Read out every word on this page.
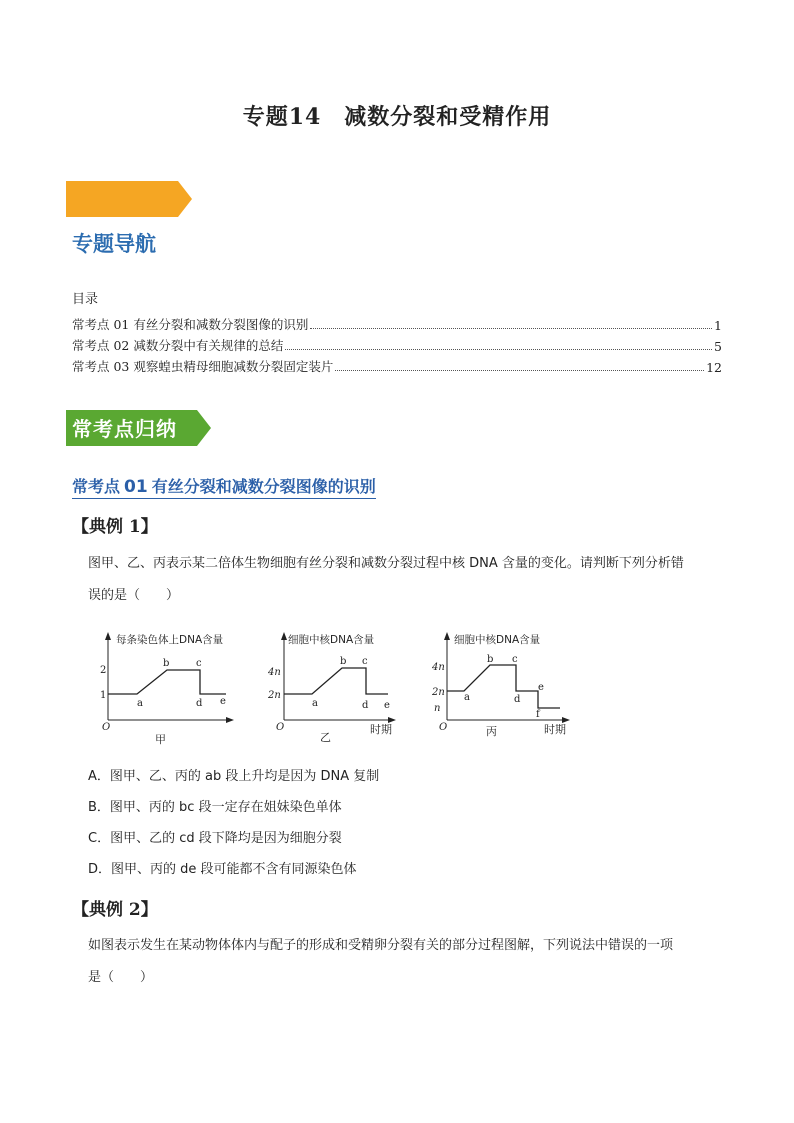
专题14　减数分裂和受精作用
专题导航
目录
常考点 01 有丝分裂和减数分裂图像的识别	1
常考点 02 减数分裂中有关规律的总结	5
常考点 03 观察蝗虫精母细胞减数分裂固定装片	12
常考点归纳
常考点 01 有丝分裂和减数分裂图像的识别
【典例 1】
图甲、乙、丙表示某二倍体生物细胞有丝分裂和减数分裂过程中核 DNA 含量的变化。请判断下列分析错
误的是（　　）
每条染色体上DNA含量
2
1
O
a
b	c
d e
甲
细胞中核DNA含量
4n
2n
O
a
b c
d e
乙
时期
细胞中核DNA含量
4n
2n
n
O
a
b c
d
e
f
丙	时期
A．图甲、乙、丙的 ab 段上升均是因为 DNA 复制
B．图甲、丙的 bc 段一定存在姐妹染色单体
C．图甲、乙的 cd 段下降均是因为细胞分裂
D．图甲、丙的 de 段可能都不含有同源染色体
【典例 2】
如图表示发生在某动物体体内与配子的形成和受精卵分裂有关的部分过程图解，下列说法中错误的一项
是（　　）
